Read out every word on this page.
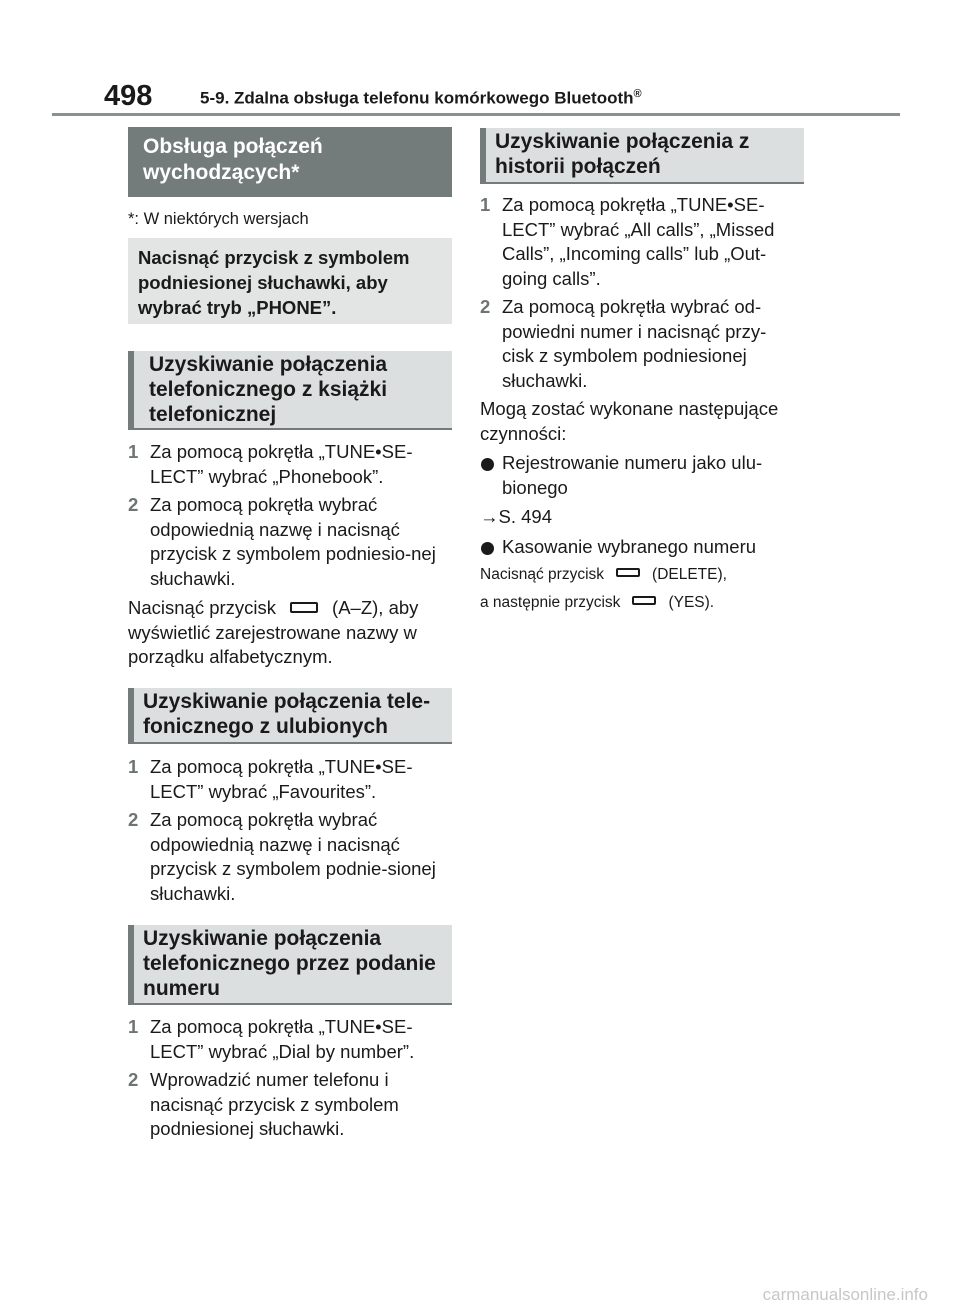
498	5-9. Zdalna obsługa telefonu komórkowego Bluetooth®
Obsługa połączeń wychodzących*
*: W niektórych wersjach
Nacisnąć przycisk z symbolem podniesionej słuchawki, aby wybrać tryb „PHONE”.
Uzyskiwanie połączenia telefonicznego z książki telefonicznej
1 Za pomocą pokrętła „TUNE•SE-LECT” wybrać „Phonebook”.
2 Za pomocą pokrętła wybrać odpowiednią nazwę i nacisnąć przycisk z symbolem podniesio-nej słuchawki.
Nacisnąć przycisk	(A–Z), aby wyświetlić zarejestrowane nazwy w porządku alfabetycznym.
Uzyskiwanie połączenia tele-fonicznego z ulubionych
1 Za pomocą pokrętła „TUNE•SE-LECT” wybrać „Favourites”.
2 Za pomocą pokrętła wybrać odpowiednią nazwę i nacisnąć przycisk z symbolem podnie-sionej słuchawki.
Uzyskiwanie połączenia telefonicznego przez podanie numeru
1 Za pomocą pokrętła „TUNE•SE-LECT” wybrać „Dial by number”.
2 Wprowadzić numer telefonu i nacisnąć przycisk z symbolem podniesionej słuchawki.
Uzyskiwanie połączenia z historii połączeń
1 Za pomocą pokrętła „TUNE•SE-LECT” wybrać „All calls”, „Missed Calls”, „Incoming calls” lub „Out-going calls”.
2 Za pomocą pokrętła wybrać od-powiedni numer i nacisnąć przy-cisk z symbolem podniesionej słuchawki.
Mogą zostać wykonane następujące czynności:
Rejestrowanie numeru jako ulu-bionego
→S. 494
Kasowanie wybranego numeru
Nacisnąć przycisk	(DELETE),
a następnie przycisk	(YES).
carmanualsonline.info
